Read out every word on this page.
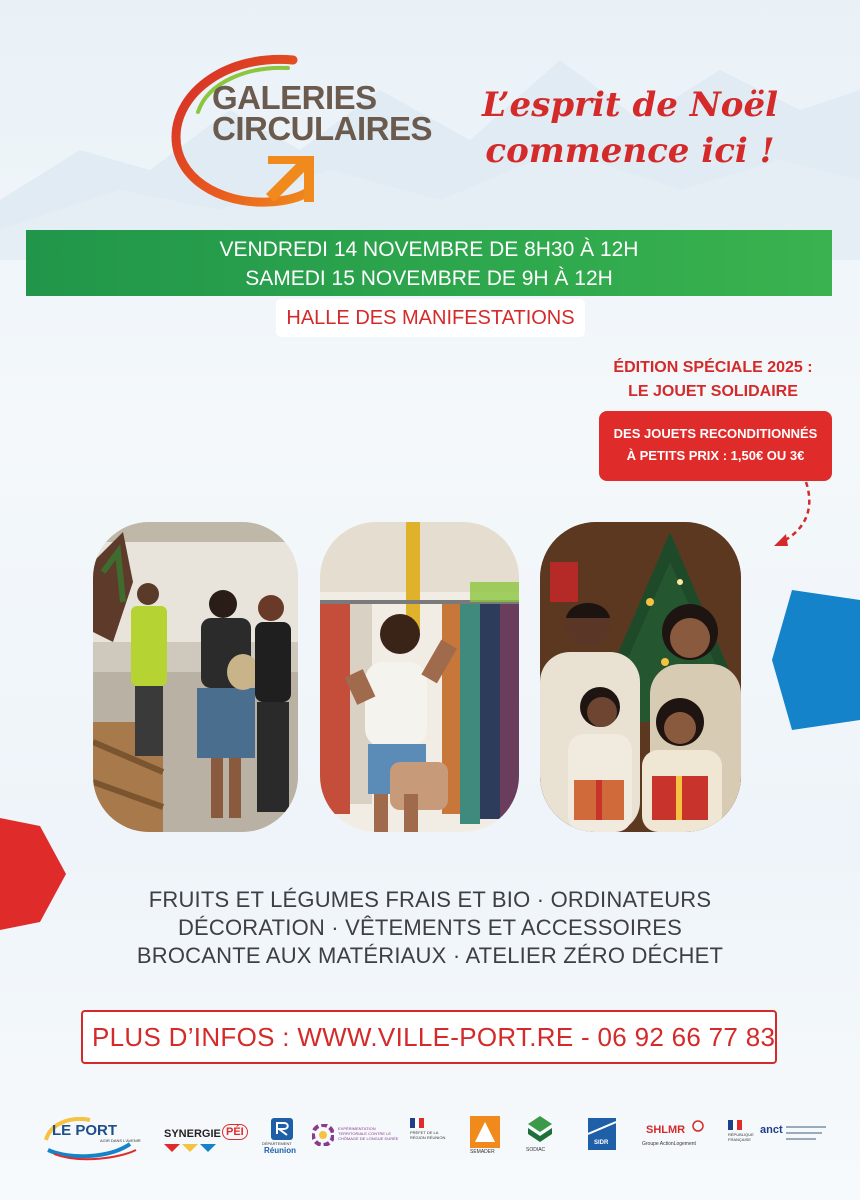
GALERIES
CIRCULAIRES
L’esprit de Noël
commence ici !
VENDREDI 14 NOVEMBRE DE 8H30 À 12H
SAMEDI 15 NOVEMBRE DE 9H À 12H
HALLE DES MANIFESTATIONS
ÉDITION SPÉCIALE 2025 :
LE JOUET SOLIDAIRE
DES JOUETS RECONDITIONNÉS
À PETITS PRIX : 1,50€ OU 3€
FRUITS ET LÉGUMES FRAIS ET BIO · ORDINATEURS
DÉCORATION · VÊTEMENTS ET ACCESSOIRES
BROCANTE AUX MATÉRIAUX · ATELIER ZÉRO DÉCHET
PLUS D’INFOS : WWW.VILLE-PORT.RE - 06 92 66 77 83
LE PORT
AGIR DANS L'AVENIR
SYNERGIE PÉI
DÉPARTEMENT
Réunion
EXPÉRIMENTATION TERRITORIALE CONTRE LE CHÔMAGE DE LONGUE DURÉE
PRÉFET DE LA RÉGION RÉUNION
SEMADER	SODIAC
SIDR
SHLMR
Groupe ActionLogement
RÉPUBLIQUE FRANÇAISE
anct
